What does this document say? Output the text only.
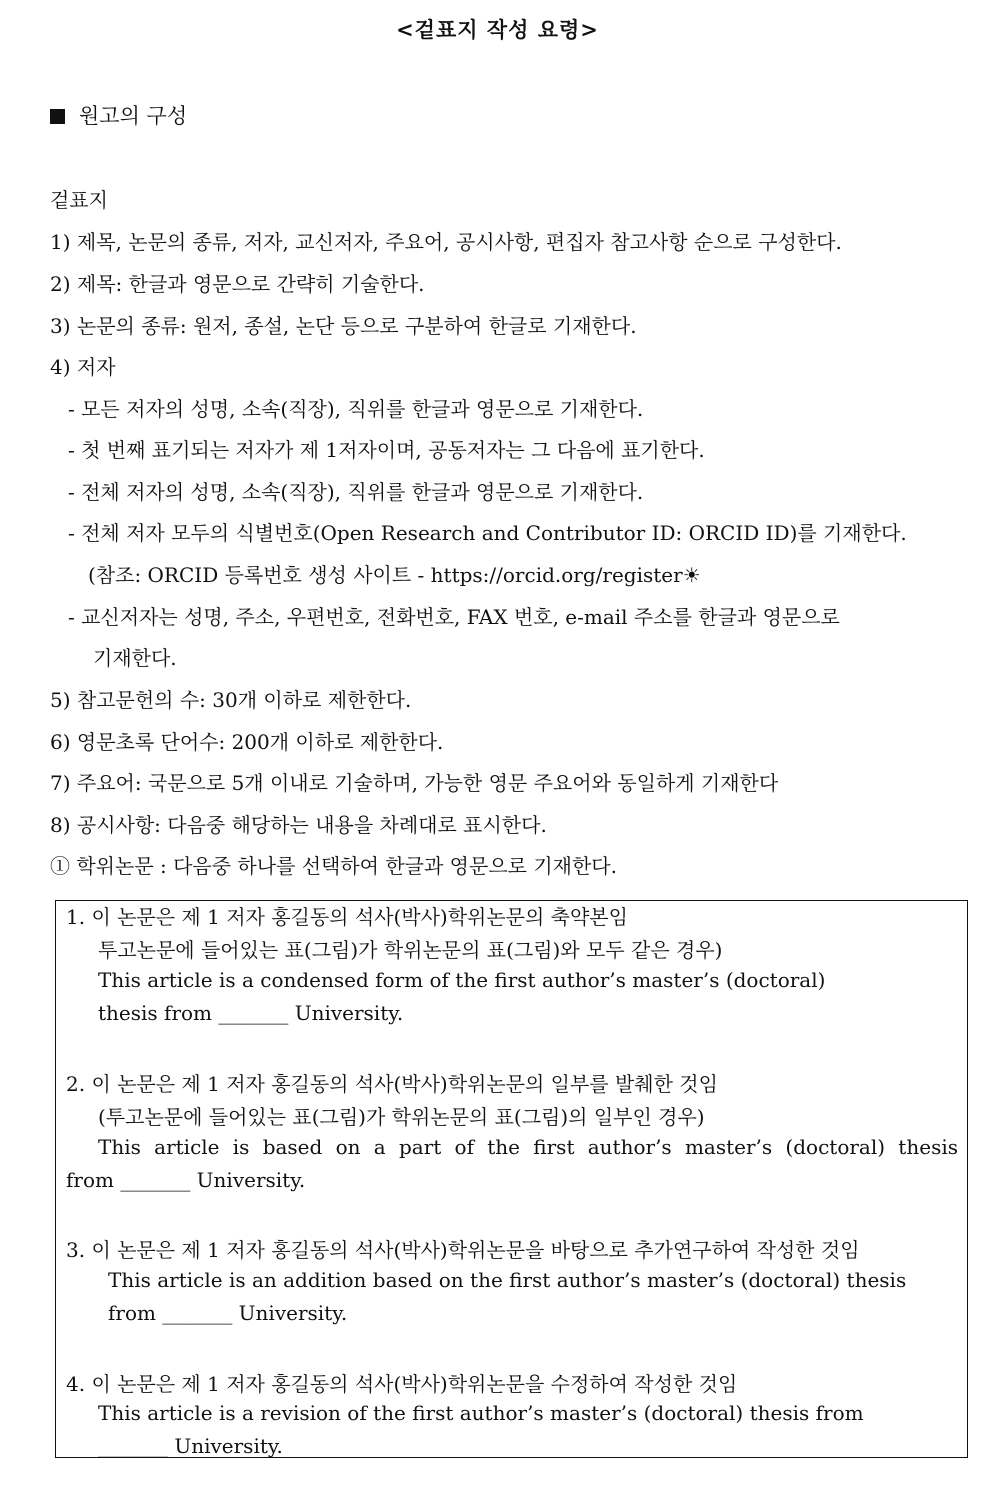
<겉표지 작성 요령>
원고의 구성
겉표지
1) 제목, 논문의 종류, 저자, 교신저자, 주요어, 공시사항, 편집자 참고사항 순으로 구성한다.
2) 제목: 한글과 영문으로 간략히 기술한다.
3) 논문의 종류: 원저, 종설, 논단 등으로 구분하여 한글로 기재한다.
4) 저자
- 모든 저자의 성명, 소속(직장), 직위를 한글과 영문으로 기재한다.
- 첫 번째 표기되는 저자가 제 1저자이며, 공동저자는 그 다음에 표기한다.
- 전체 저자의 성명, 소속(직장), 직위를 한글과 영문으로 기재한다.
- 전체 저자 모두의 식별번호(Open Research and Contributor ID: ORCID ID)를 기재한다.
(참조: ORCID 등록번호 생성 사이트 - https://orcid.org/register☀
- 교신저자는 성명, 주소, 우편번호, 전화번호, FAX 번호, e-mail 주소를 한글과 영문으로
기재한다.
5) 참고문헌의 수: 30개 이하로 제한한다.
6) 영문초록 단어수: 200개 이하로 제한한다.
7) 주요어: 국문으로 5개 이내로 기술하며, 가능한 영문 주요어와 동일하게 기재한다
8) 공시사항: 다음중 해당하는 내용을 차례대로 표시한다.
① 학위논문 : 다음중 하나를 선택하여 한글과 영문으로 기재한다.
1. 이 논문은 제 1 저자 홍길동의 석사(박사)학위논문의 축약본임
투고논문에 들어있는 표(그림)가 학위논문의 표(그림)와 모두 같은 경우)
This article is a condensed form of the first author’s master’s (doctoral)
thesis from _______ University.
2. 이 논문은 제 1 저자 홍길동의 석사(박사)학위논문의 일부를 발췌한 것임
(투고논문에 들어있는 표(그림)가 학위논문의 표(그림)의 일부인 경우)
This article is based on a part of the first author’s master’s (doctoral) thesis
from _______ University.
3. 이 논문은 제 1 저자 홍길동의 석사(박사)학위논문을 바탕으로 추가연구하여 작성한 것임
This article is an addition based on the first author’s master’s (doctoral) thesis
from _______ University.
4. 이 논문은 제 1 저자 홍길동의 석사(박사)학위논문을 수정하여 작성한 것임
This article is a revision of the first author’s master’s (doctoral) thesis from
_______ University.
